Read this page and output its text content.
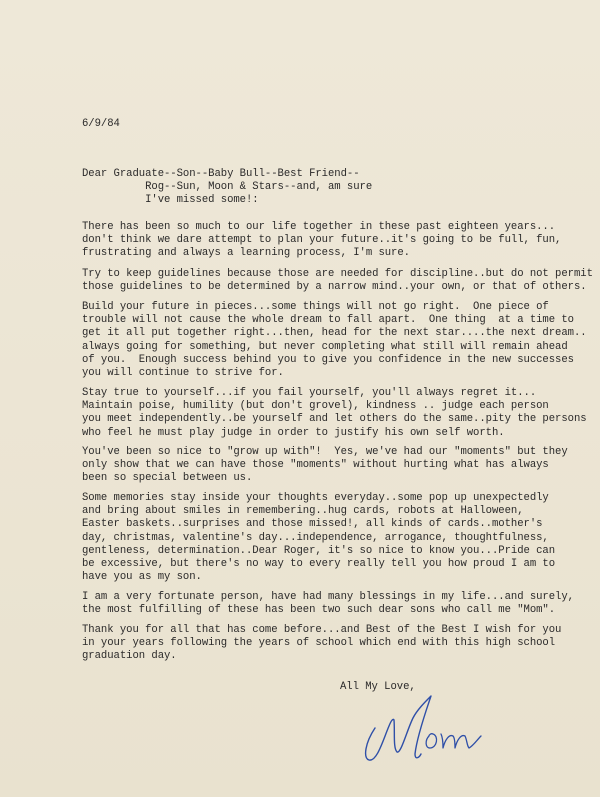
6/9/84
Dear Graduate--Son--Baby Bull--Best Friend--
Rog--Sun, Moon & Stars--and, am sure
I've missed some!:
There has been so much to our life together in these past eighteen years...
don't think we dare attempt to plan your future..it's going to be full, fun,
frustrating and always a learning process, I'm sure.
Try to keep guidelines because those are needed for discipline..but do not permit
those guidelines to be determined by a narrow mind..your own, or that of others.
Build your future in pieces...some things will not go right.  One piece of
trouble will not cause the whole dream to fall apart.  One thing  at a time to
get it all put together right...then, head for the next star....the next dream..
always going for something, but never completing what still will remain ahead
of you.  Enough success behind you to give you confidence in the new successes
you will continue to strive for.
Stay true to yourself...if you fail yourself, you'll always regret it...
Maintain poise, humility (but don't grovel), kindness .. judge each person
you meet independently..be yourself and let others do the same..pity the persons
who feel he must play judge in order to justify his own self worth.
You've been so nice to "grow up with"!  Yes, we've had our "moments" but they
only show that we can have those "moments" without hurting what has always
been so special between us.
Some memories stay inside your thoughts everyday..some pop up unexpectedly
and bring about smiles in remembering..hug cards, robots at Halloween,
Easter baskets..surprises and those missed!, all kinds of cards..mother's
day, christmas, valentine's day...independence, arrogance, thoughtfulness,
gentleness, determination..Dear Roger, it's so nice to know you...Pride can
be excessive, but there's no way to every really tell you how proud I am to
have you as my son.
I am a very fortunate person, have had many blessings in my life...and surely,
the most fulfilling of these has been two such dear sons who call me "Mom".
Thank you for all that has come before...and Best of the Best I wish for you
in your years following the years of school which end with this high school
graduation day.
All My Love,
